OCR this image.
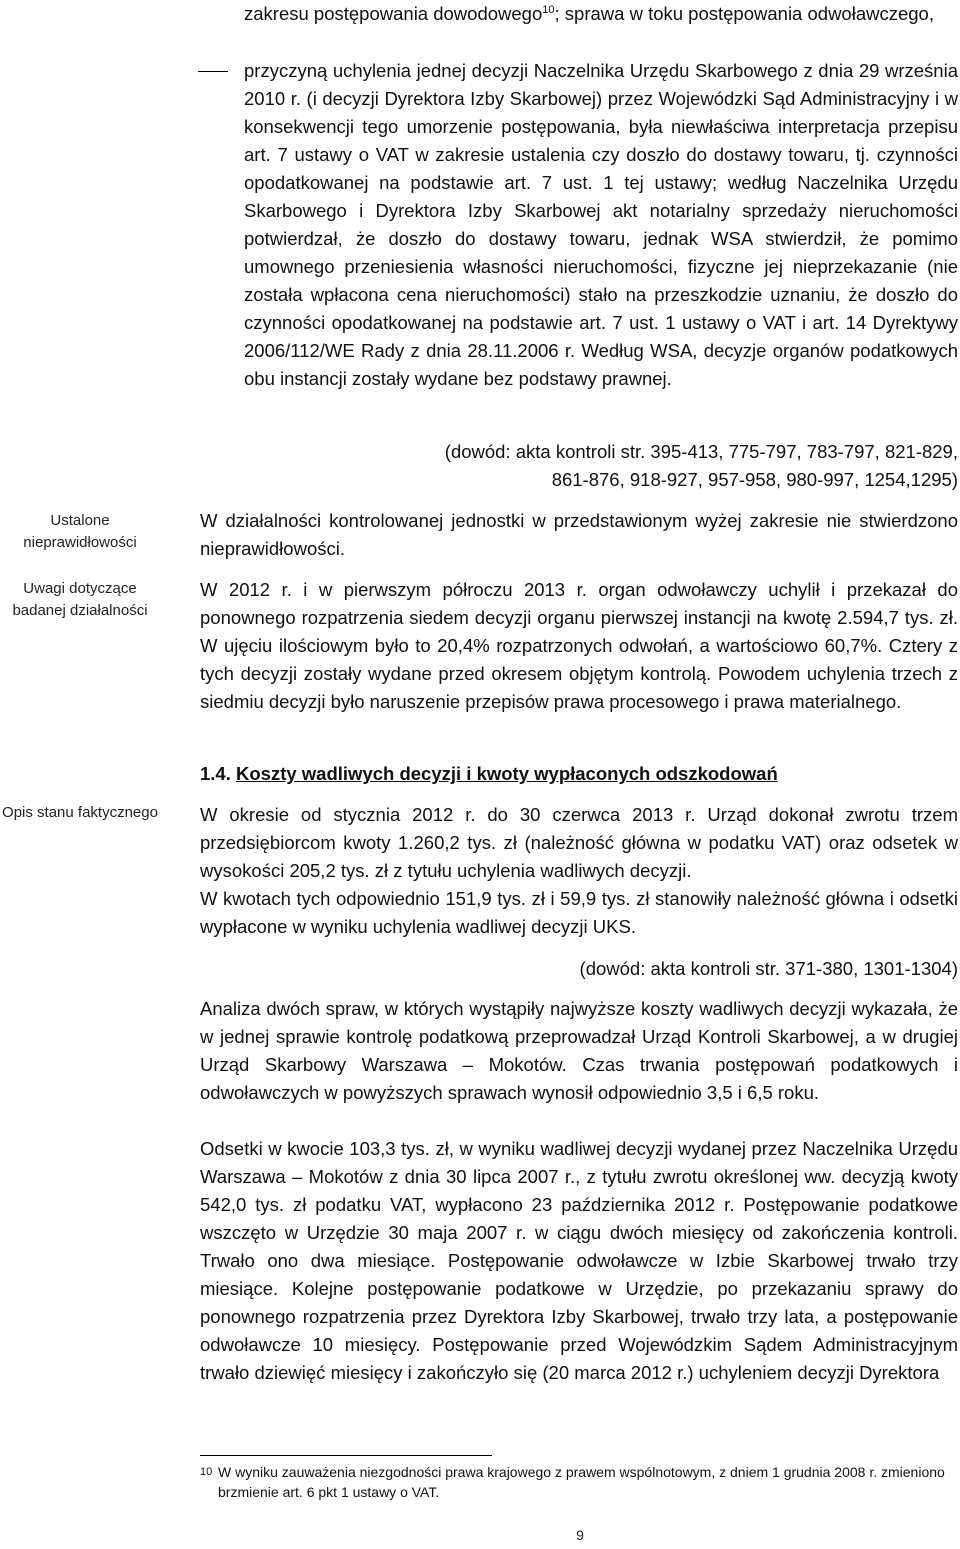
Ustalone nieprawidłowości
Uwagi dotyczące badanej działalności
Opis stanu faktycznego
zakresu postępowania dowodowego$^{10}$; sprawa w toku postępowania odwoławczego,
przyczyną uchylenia jednej decyzji Naczelnika Urzędu Skarbowego z dnia 29 września 2010 r. (i decyzji Dyrektora Izby Skarbowej) przez Wojewódzki Sąd Administracyjny i w konsekwencji tego umorzenie postępowania, była niewłaściwa interpretacja przepisu art. 7 ustawy o VAT w zakresie ustalenia czy doszło do dostawy towaru, tj. czynności opodatkowanej na podstawie art. 7 ust. 1 tej ustawy; według Naczelnika Urzędu Skarbowego i Dyrektora Izby Skarbowej akt notarialny sprzedaży nieruchomości potwierdzał, że doszło do dostawy towaru, jednak WSA stwierdził, że pomimo umownego przeniesienia własności nieruchomości, fizyczne jej nieprzekazanie (nie została wpłacona cena nieruchomości) stało na przeszkodzie uznaniu, że doszło do czynności opodatkowanej na podstawie art. 7 ust. 1 ustawy o VAT i art. 14 Dyrektywy 2006/112/WE Rady z dnia 28.11.2006 r. Według WSA, decyzje organów podatkowych obu instancji zostały wydane bez podstawy prawnej.
(dowód: akta kontroli str. 395-413, 775-797, 783-797, 821-829,
861-876, 918-927, 957-958, 980-997, 1254,1295)
W działalności kontrolowanej jednostki w przedstawionym wyżej zakresie nie stwierdzono nieprawidłowości.
W 2012 r. i w pierwszym półroczu 2013 r. organ odwoławczy uchylił i przekazał do ponownego rozpatrzenia siedem decyzji organu pierwszej instancji na kwotę 2.594,7 tys. zł. W ujęciu ilościowym było to 20,4% rozpatrzonych odwołań, a wartościowo 60,7%. Cztery z tych decyzji zostały wydane przed okresem objętym kontrolą. Powodem uchylenia trzech z siedmiu decyzji było naruszenie przepisów prawa procesowego i prawa materialnego.
1.4. Koszty wadliwych decyzji i kwoty wypłaconych odszkodowań
W okresie od stycznia 2012 r. do 30 czerwca 2013 r. Urząd dokonał zwrotu trzem przedsiębiorcom kwoty 1.260,2 tys. zł (należność główna w podatku VAT) oraz odsetek w wysokości 205,2 tys. zł z tytułu uchylenia wadliwych decyzji.
W kwotach tych odpowiednio 151,9 tys. zł i 59,9 tys. zł stanowiły należność główna i odsetki wypłacone w wyniku uchylenia wadliwej decyzji UKS.
(dowód: akta kontroli str. 371-380, 1301-1304)
Analiza dwóch spraw, w których wystąpiły najwyższe koszty wadliwych decyzji wykazała, że w jednej sprawie kontrolę podatkową przeprowadzał Urząd Kontroli Skarbowej, a w drugiej Urząd Skarbowy Warszawa – Mokotów. Czas trwania postępowań podatkowych i odwoławczych w powyższych sprawach wynosił odpowiednio 3,5 i 6,5 roku.
Odsetki w kwocie 103,3 tys. zł, w wyniku wadliwej decyzji wydanej przez Naczelnika Urzędu Warszawa – Mokotów z dnia 30 lipca 2007 r., z tytułu zwrotu określonej ww. decyzją kwoty 542,0 tys. zł podatku VAT, wypłacono 23 października 2012 r. Postępowanie podatkowe wszczęto w Urzędzie 30 maja 2007 r. w ciągu dwóch miesięcy od zakończenia kontroli. Trwało ono dwa miesiące. Postępowanie odwoławcze w Izbie Skarbowej trwało trzy miesiące. Kolejne postępowanie podatkowe w Urzędzie, po przekazaniu sprawy do ponownego rozpatrzenia przez Dyrektora Izby Skarbowej, trwało trzy lata, a postępowanie odwoławcze 10 miesięcy. Postępowanie przed Wojewódzkim Sądem Administracyjnym trwało dziewięć miesięcy i zakończyło się (20 marca 2012 r.) uchyleniem decyzji Dyrektora
10 W wyniku zauważenia niezgodności prawa krajowego z prawem wspólnotowym, z dniem 1 grudnia 2008 r. zmieniono brzmienie art. 6 pkt 1 ustawy o VAT.
9
